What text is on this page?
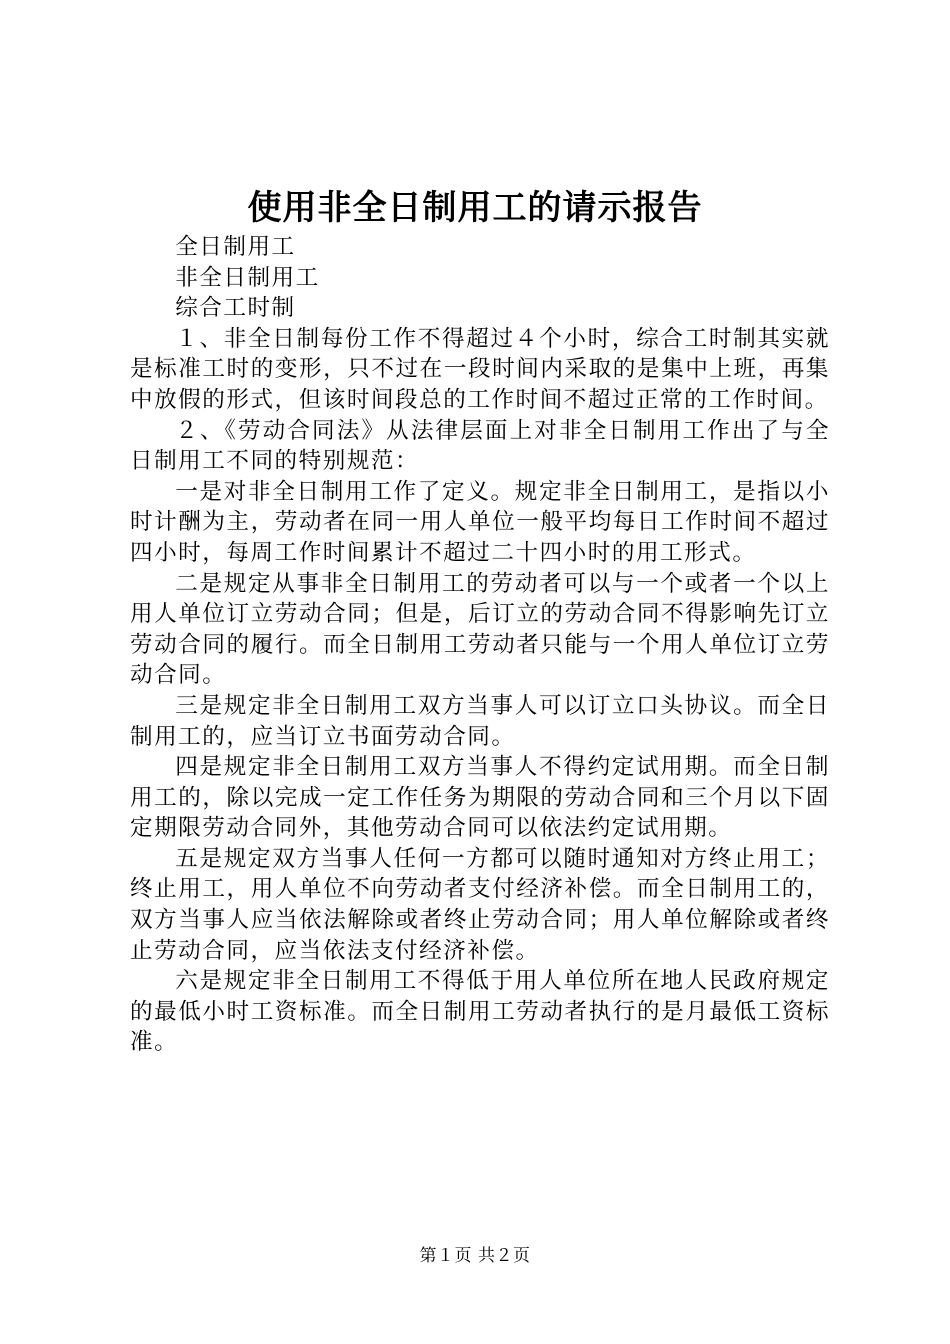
使用非全日制用工的请示报告

全日制用工

非全日制用工

综合工时制

１、非全日制每份工作不得超过４个小时，综合工时制其实就是标准工时的变形，只不过在一段时间内采取的是集中上班，再集中放假的形式，但该时间段总的工作时间不超过正常的工作时间。

２、《劳动合同法》从法律层面上对非全日制用工作出了与全日制用工不同的特别规范：

一是对非全日制用工作了定义。规定非全日制用工，是指以小时计酬为主，劳动者在同一用人单位一般平均每日工作时间不超过四小时，每周工作时间累计不超过二十四小时的用工形式。

二是规定从事非全日制用工的劳动者可以与一个或者一个以上用人单位订立劳动合同；但是，后订立的劳动合同不得影响先订立劳动合同的履行。而全日制用工劳动者只能与一个用人单位订立劳动合同。

三是规定非全日制用工双方当事人可以订立口头协议。而全日制用工的，应当订立书面劳动合同。

四是规定非全日制用工双方当事人不得约定试用期。而全日制用工的，除以完成一定工作任务为期限的劳动合同和三个月以下固定期限劳动合同外，其他劳动合同可以依法约定试用期。

五是规定双方当事人任何一方都可以随时通知对方终止用工；终止用工，用人单位不向劳动者支付经济补偿。而全日制用工的，双方当事人应当依法解除或者终止劳动合同；用人单位解除或者终止劳动合同，应当依法支付经济补偿。

六是规定非全日制用工不得低于用人单位所在地人民政府规定的最低小时工资标准。而全日制用工劳动者执行的是月最低工资标准。

第１页 共２页
